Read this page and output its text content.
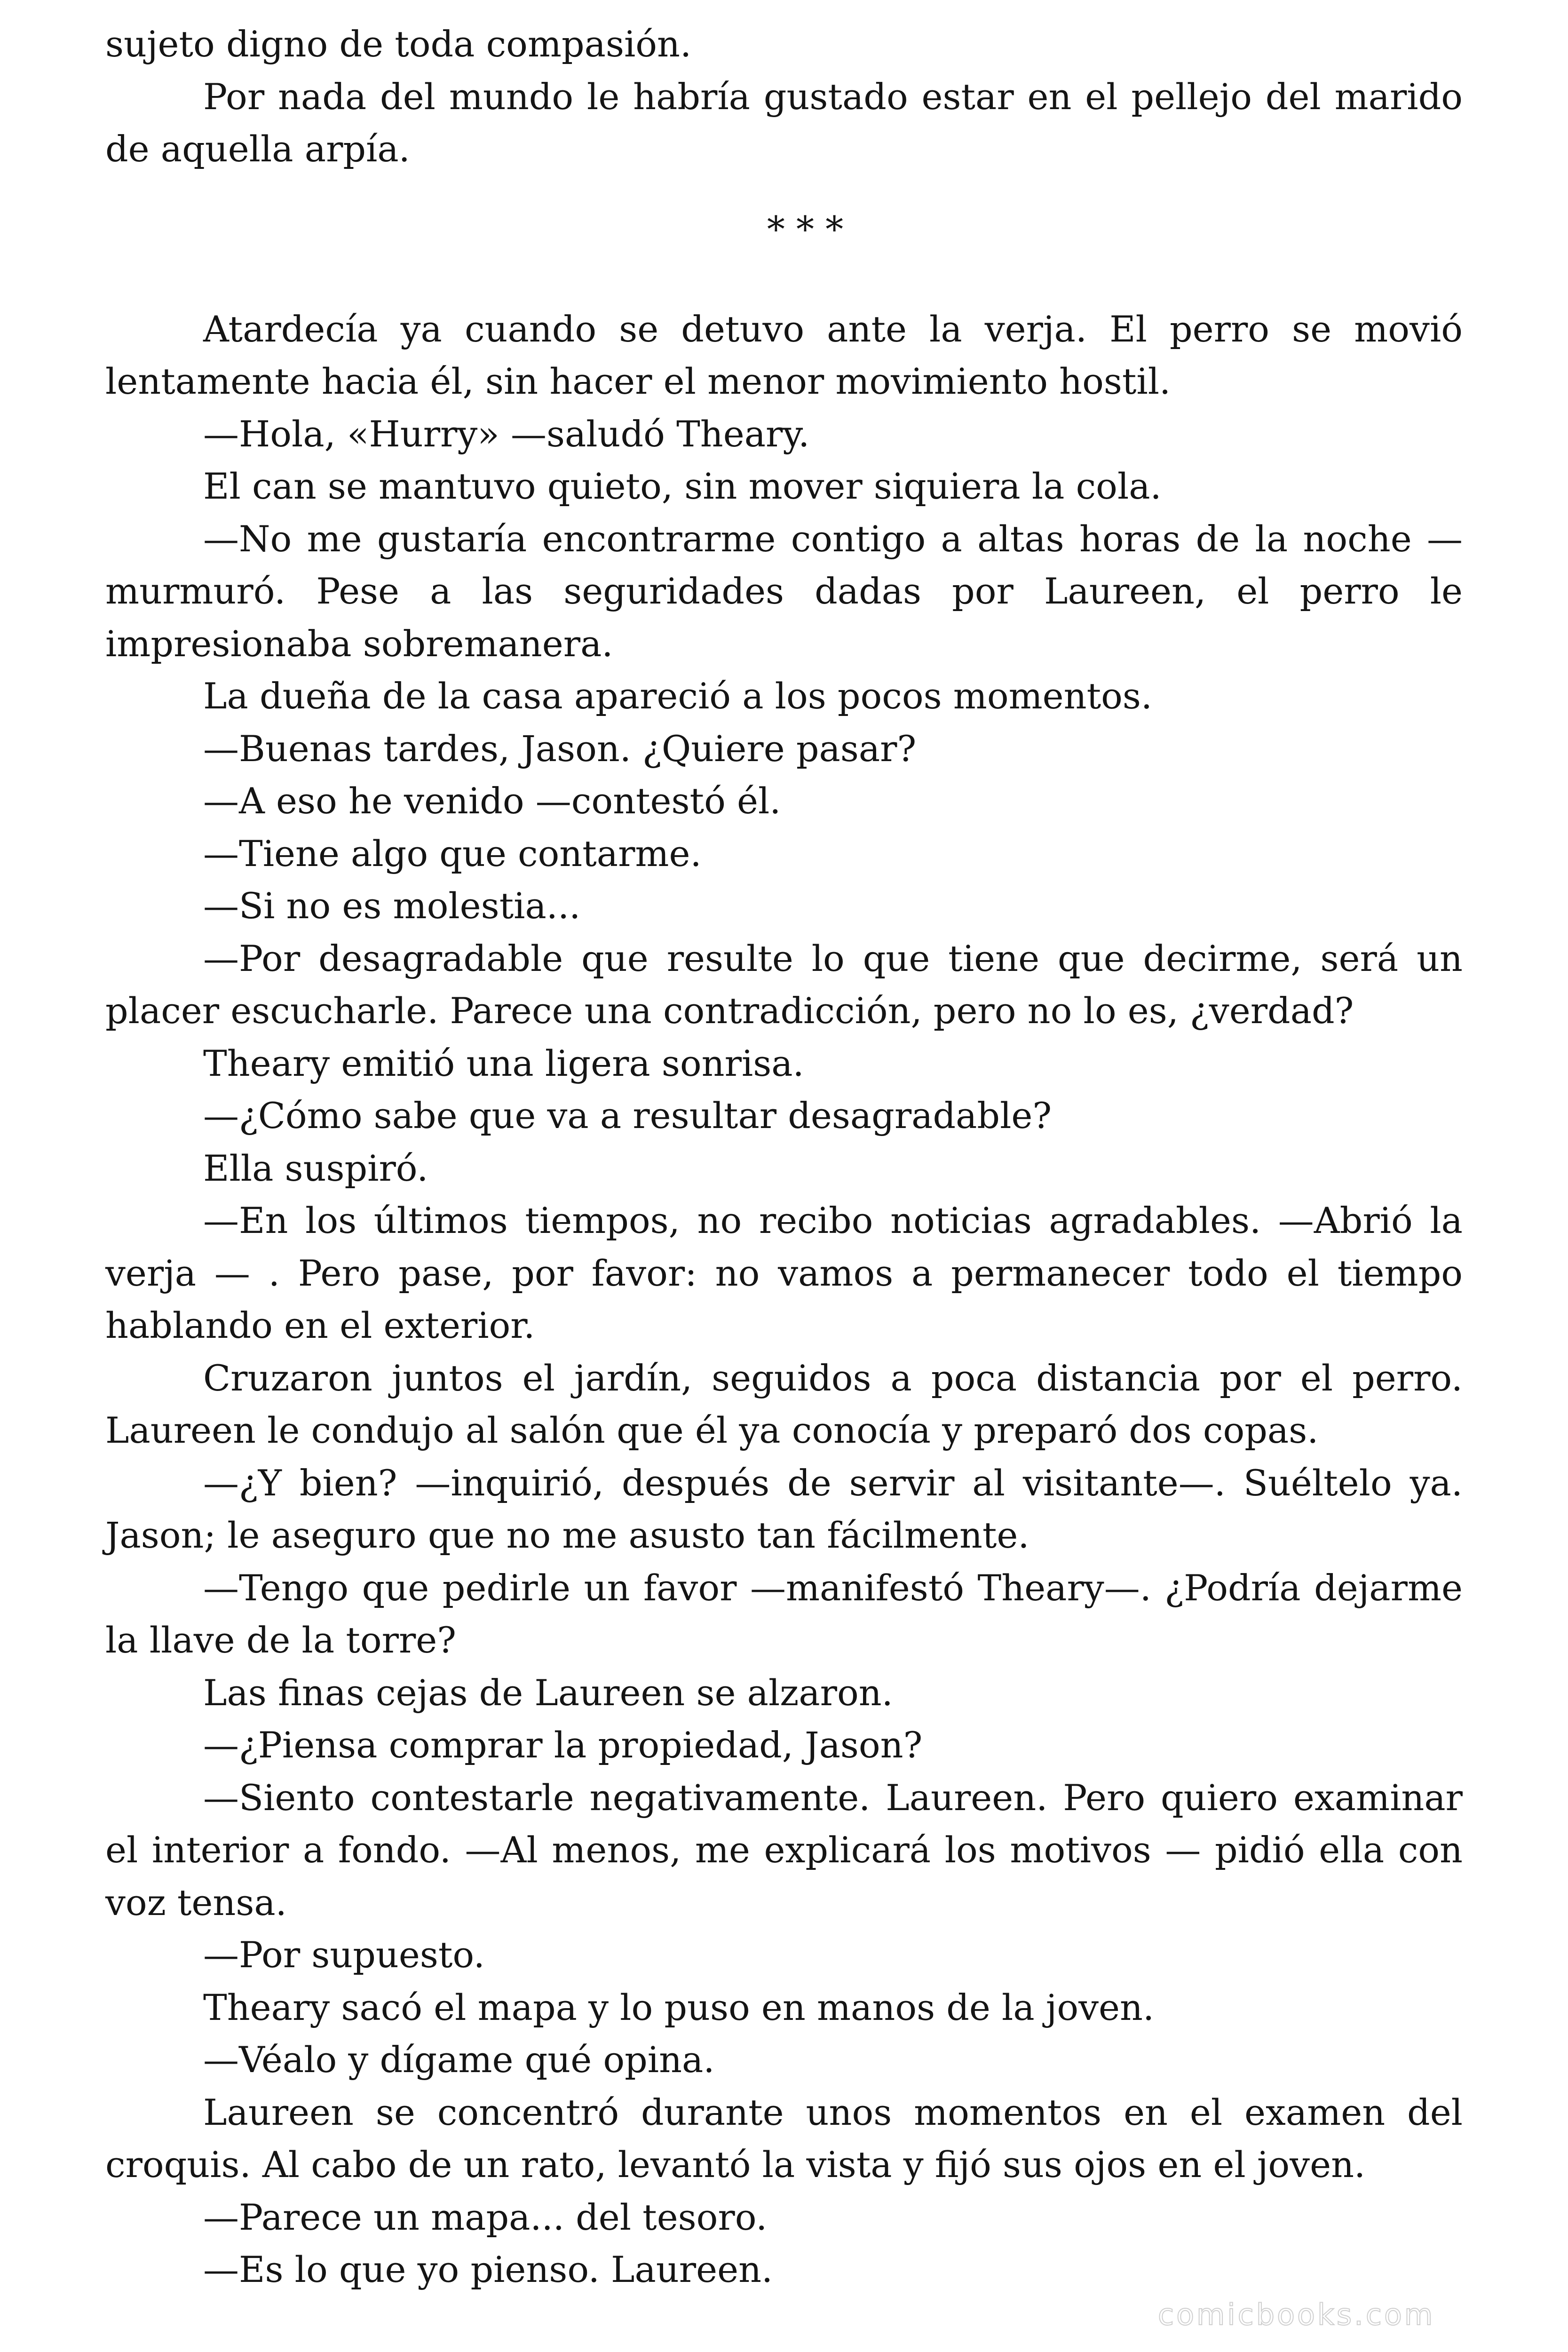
sujeto digno de toda compasión.

Por nada del mundo le habría gustado estar en el pellejo del marido de aquella arpía.

* * *

Atardecía ya cuando se detuvo ante la verja. El perro se movió lentamente hacia él, sin hacer el menor movimiento hostil.

—Hola, «Hurry» —saludó Theary.

El can se mantuvo quieto, sin mover siquiera la cola.

—No me gustaría encontrarme contigo a altas horas de la noche —murmuró. Pese a las seguridades dadas por Laureen, el perro le impresionaba sobremanera.

La dueña de la casa apareció a los pocos momentos.

—Buenas tardes, Jason. ¿Quiere pasar?

—A eso he venido —contestó él.

—Tiene algo que contarme.

—Si no es molestia...

—Por desagradable que resulte lo que tiene que decirme, será un placer escucharle. Parece una contradicción, pero no lo es, ¿verdad?

Theary emitió una ligera sonrisa.

—¿Cómo sabe que va a resultar desagradable?

Ella suspiró.

—En los últimos tiempos, no recibo noticias agradables. —Abrió la verja — . Pero pase, por favor: no vamos a permanecer todo el tiempo hablando en el exterior.

Cruzaron juntos el jardín, seguidos a poca distancia por el perro. Laureen le condujo al salón que él ya conocía y preparó dos copas.

—¿Y bien? —inquirió, después de servir al visitante—. Suéltelo ya. Jason; le aseguro que no me asusto tan fácilmente.

—Tengo que pedirle un favor —manifestó Theary—. ¿Podría dejarme la llave de la torre?

Las finas cejas de Laureen se alzaron.

—¿Piensa comprar la propiedad, Jason?

—Siento contestarle negativamente. Laureen. Pero quiero examinar el interior a fondo. —Al menos, me explicará los motivos — pidió ella con voz tensa.

—Por supuesto.

Theary sacó el mapa y lo puso en manos de la joven.

—Véalo y dígame qué opina.

Laureen se concentró durante unos momentos en el examen del croquis. Al cabo de un rato, levantó la vista y fijó sus ojos en el joven.

—Parece un mapa... del tesoro.

—Es lo que yo pienso. Laureen.

comicbooks.com
